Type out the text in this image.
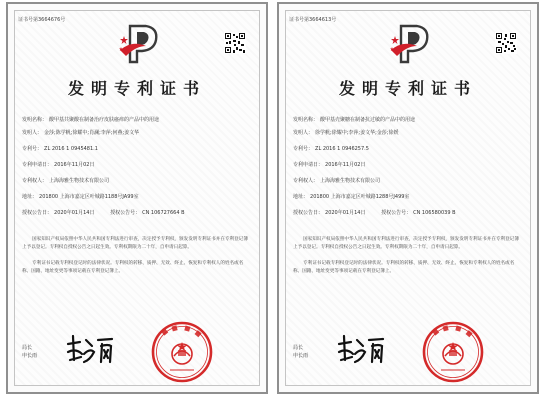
证书号第3664676号
发明专利证书
发明名称： 酸甲基共聚酸在制备治疗皮肤瘙痒的产品中的用途
发明人： 金莎;陈学帆;徐耀中;肖澜;李萍;何燕;姜文华
专利号： ZL 2016 1 0945481.1
专利申请日： 2016年11月02日
专利权人： 上海海雅生物技术有限公司
地址： 201800 上海市嘉定区叶城路1188号JA99室
授权公告日： 2020年01月14日	授权公告号： CN 106727664 B
国家知识产权局依照中华人民共和国专利法进行审查，决定授予专利权，颁发发明专利证书并在专利登记簿上予以登记。专利权自授权公告之日起生效。专利权期限为二十年，自申请日起算。
专利证书记载专利权登记时的法律状况。专利权的转移、质押、无效、终止、恢复和专利权人的姓名或名称、国籍、地址变更等事项记载在专利登记簿上。
局长
申长雨
证书号第3664613号
发明专利证书
发明名称： 酸甲基壳聚糖在制备抗过敏的产品中的用途
发明人： 徐学帆;徐耀中;李萍;姜文华;金莎;徐媛
专利号： ZL 2016 1 0946257.5
专利申请日： 2016年11月02日
专利权人： 上海海雅生物技术有限公司
地址： 201800 上海市嘉定区叶城路1288号J499室
授权公告日： 2020年01月14日	授权公告号： CN 106580039 B
国家知识产权局依照中华人民共和国专利法进行审查，决定授予专利权，颁发发明专利证书并在专利登记簿上予以登记。专利权自授权公告之日起生效。专利权期限为二十年，自申请日起算。
专利证书记载专利权登记时的法律状况。专利权的转移、质押、无效、终止、恢复和专利权人的姓名或名称、国籍、地址变更等事项记载在专利登记簿上。
局长
申长雨
